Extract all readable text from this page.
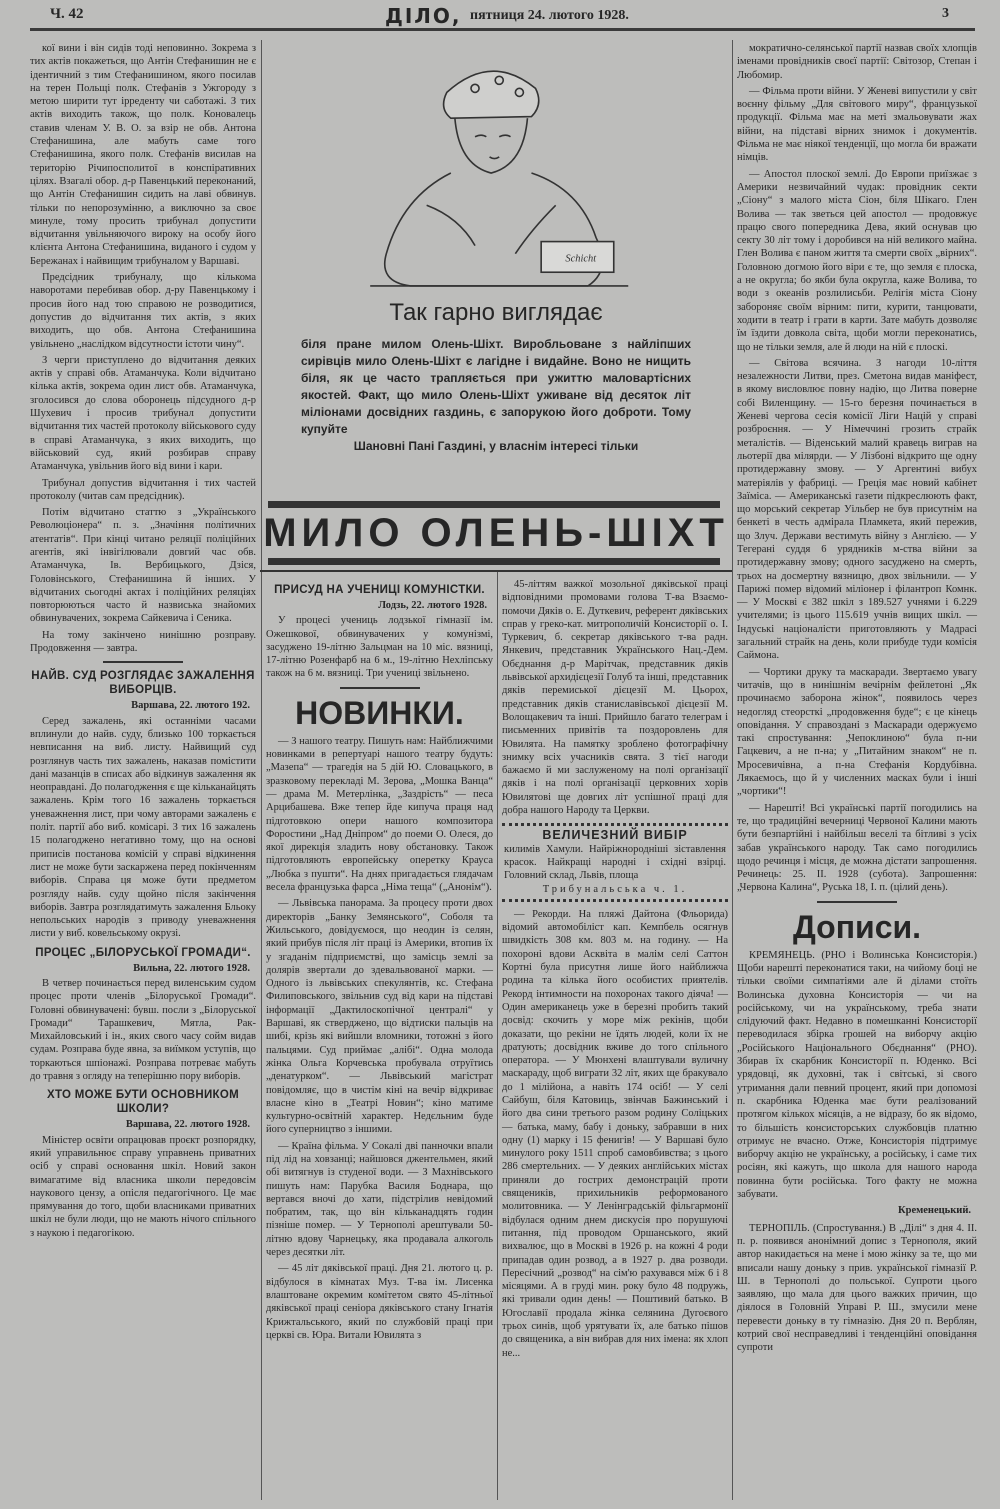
Ч. 42	ДІЛО, пятниця 24. лютого 1928.	3
Schicht
Так гарно виглядає
біля пране милом Олень-Шіхт. Виробльоване з найліпших сирівців мило Олень-Шіхт є лагідне і видайне. Воно не нищить біля, як це часто трапляється при ужиттю маловартісних якостей. Факт, що мило Олень-Шіхт уживане від десяток літ міліонами досвідних газдинь, є запорукою його доброти. Тому купуйте
Шановні Пані Газдині, у власнім інтересі тільки
МИЛО ОЛЕНЬ-ШІХТ

кої вини і він сидів тоді неповинно. Зокрема з тих актів покажеться, що Антін Стефанишин не є ідентичний з тим Стефанишином, якого посилав на терен Польщі полк. Стефанів з Ужгороду з метою ширити тут ірреденту чи саботажі. З тих актів виходить також, що полк. Коновалець ставив членам У. В. О. за взір не обв. Антона Стефанишина, але мабуть саме того Стефанишина, якого полк. Стефанів висилав на територію Річипосполитої в конспіративних цілях. Взагалі обор. д-р Павенцький переконаний, що Антін Стефанишин сидить на лаві обвинув. тільки по непорозумінню, а виключно за своє минуле, тому просить трибунал допустити відчитання увільняючого вироку на особу його клієнта Антона Стефанишина, виданого і судом у Бережанах і найвищим трибуналом у Варшаві.

Предсідник трибуналу, що кількома наворотами перебивав обор. д-ру Павенцькому і просив його над тою справою не розводитися, допустив до відчитання тих актів, з яких виходить, що обв. Антона Стефанишина увільнено „наслідком відсутности істоти чину“.

З черги приступлено до відчитання деяких актів у справі обв. Атаманчука. Коли відчитано кілька актів, зокрема один лист обв. Атаманчука, зголосився до слова оборонець підсудного д-р Шухевич і просив трибунал допустити відчитання тих частей протоколу військового суду в справі Атаманчука, з яких виходить, що військовий суд, який розбирав справу Атаманчука, увільнив його від вини і кари.

Трибунал допустив відчитання і тих частей протоколу (читав сам предсідник).

Потім відчитано статтю з „Українського Революціонера“ п. з. „Значіння політичних атентатів“. При кінці читано реляції поліційних агентів, які інвігілювали довгий час обв. Атаманчука, Ів. Вербицького, Дзіся, Головінського, Стефанишина й інших. У відчитаних сьогодні актах і поліційних реляціях повторюються часто й назвиська знайомих обвинувачених, зокрема Сайкевича і Сеника.

На тому закінчено нинішню розправу. Продовження — завтра.

НАЙВ. СУД РОЗГЛЯДАЄ ЗАЖАЛЕННЯ ВИБОРЦІВ.
Варшава, 22. лютого 192.

Серед зажалень, які останніми часами вплинули до найв. суду, близько 100 торкається невписання на виб. листу. Найвищий суд розглянув часть тих зажалень, наказав помістити дані мазанців в списах або відкинув зажалення як неоправдані. До полагодження є ще кільканайцять зажалень. Крім того 16 зажалень торкається уневажнення лист, при чому авторами зажалень є політ. партії або виб. комісарі. З тих 16 зажалень 15 полагоджено негативно тому, що на основі приписів постанова комісій у справі відкинення лист не може бути заскаржена перед покінченням виборів. Справа ця може бути предметом розгляду найв. суду щойно після закінчення виборів. Завтра розглядатимуть зажалення Бльоку непольських народів з приводу уневажнення листи у виб. ковельському окрузі.

ПРОЦЕС „БІЛОРУСЬКОЇ ГРОМАДИ“.
Вильна, 22. лютого 1928.

В четвер починається перед виленським судом процес проти членів „Білоруської Громади“. Головні обвинувачені: бувш. посли з „Білоруської Громади“ Тарашкевич, Мятла, Рак-Михайловський і ін., яких свого часу сойм видав судам. Розправа буде явна, за виїмком уступів, що торкаються шпіонажі. Розправа потреває мабуть до травня з огляду на теперішню пору виборів.

ХТО МОЖЕ БУТИ ОСНОВНИКОМ ШКОЛИ?
Варшава, 22. лютого 1928.

Міністер освіти опрацював проєкт розпорядку, який управильнює справу управнень приватних осіб у справі основання шкіл. Новий закон вимагатиме від власника школи передовсім наукового цензу, а опісля педагогічного. Це має прямування до того, щоби власниками приватних шкіл не були люди, що не мають нічого спільного з наукою і педагогікою.

ПРИСУД НА УЧЕНИЦІ КОМУНІСТКИ.
Лодзь, 22. лютого 1928.

У процесі учениць лодзької гімназії ім. Ожешкової, обвинувачених у комунізмі, засуджено 19-літню Зальцман на 10 міс. вязниці, 17-літню Розенфарб на 6 м., 19-літню Нехліпську також на 6 м. вязниці. Три учениці звільнено.

НОВИНКИ.

— З нашого театру. Пишуть нам: Найближчими новинками в репертуарі нашого театру будуть: „Мазепа“ — трагедія на 5 дій Ю. Словацького, в зразковому перекладі М. Зерова, „Мошка Ванца“ — драма М. Метерлінка, „Заздрість“ — песа Арцибашева. Вже тепер йде кипуча праця над підготовкою опери нашого композитора Форостини „Над Дніпром“ до поеми О. Олеся, до якої дирекція зладить нову обстановку. Також підготовляють европейську оперетку Крауса „Любка з пушти“. На днях пригадається глядачам весела французька фарса „Німа теща“ („Анонім“).

— Львівська панорама. За процесу проти двох директорів „Банку Земянського“, Соболя та Жильського, довідуємося, що неодин із селян, який прибув після літ праці із Америки, втопив їх у згаданім підприємстві, що замісць землі за долярів звертали до здевальвованої марки. — Одного із львівських спекулянтів, кс. Стефана Филиповського, звільнив суд від кари на підставі інформації „Дактилоскопічної централі“ у Варшаві, як стверджено, що відтиски пальців на шибі, крізь які вийшли вломники, тотожні з його пальцями. Суд приймає „алібі“. Одна молода жінка Ольга Корчевська пробувала отруїтись „денатурком“. — Львівський магістрат повідомляє, що в чистім кіні на вечір відкриває власне кіно в „Театрі Новин“; кіно матиме культурно-освітній характер. Недєльним буде його суперництво з іншими.

— Країна фільма. У Сокалі дві панночки впали під лід на ховзанці; найшовся джентельмен, який обі витягнув із студеної води. — З Махнівського пишуть нам: Парубка Василя Боднара, що вертався вночі до хати, підстрілив невідомий побратим, так, що він кільканадцять годин пізніше помер. — У Тернополі арештували 50-літню вдову Чарнецьку, яка продавала алкоголь через десятки літ.

— 45 літ дяківської праці. Дня 21. лютого ц. р. відбулося в кімнатах Муз. Т-ва ім. Лисенка влаштоване окремим комітетом свято 45-літньої дяківської праці сеніора дяківського стану Ігнатія Крижтальського, який по службовій праці при церкві св. Юра. Витали Ювилята з

45-літтям важкої мозольної дяківської праці відповідними промовами голова Т-ва Взаємо-помочи Дяків о. Е. Дуткевич, референт дяківських справ у греко-кат. митрополичій Консисторії о. І. Туркевич, б. секретар дяківського т-ва радн. Янкевич, представник Українського Нац.-Дем. Обєднання д-р Марітчак, представник дяків львівської архидієцезії Голуб та інші, представник дяків перемиської дієцезії М. Цьорох, представник дяків станиславівської дієцезії М. Волощакевич та інші. Прийшло багато телеграм і письменних привітів та поздоровлень для Ювилята. На памятку зроблено фотографічну знимку всіх учасників свята. З тієї нагоди бажаємо й ми заслуженому на полі організації дяків і на полі організації церковних хорів Ювилятові ще довгих літ успішної праці для добра нашого Народу та Церкви.

ВЕЛИЧЕЗНИЙ ВИБІР
килимів Хамули. Найріжнородніші зіставлення красок. Найкращі народні і східні взірці. Головний склад, Львів, площа
Трибунальська ч. 1.

— Рекорди. На пляжі Дайтона (Фльорида) відомий автомобіліст кап. Кемпбель осягнув швидкість 308 км. 803 м. на годину. — На похороні вдови Асквіта в малім селі Саттон Кортні була присутня лише його найближча родина та кілька його особистих приятелів. Рекорд інтимности на похоронах такого діяча! — Один американець уже в березні пробить такий досвід: скочить у море між рекінів, щоби доказати, що рекіни не їдять людей, коли їх не дратують; досвідник вживе до того спільного оператора. — У Мюнхені влаштували вуличну маскараду, щоб виграти 32 літ, яких ще бракувало до 1 мілійона, а навіть 174 осіб! — У селі Сайбуш, біля Катовиць, звінчав Бажинський і його два сини третього разом родину Соліцьких — батька, маму, бабу і доньку, забравши в них одну (1) марку і 15 фенигів! — У Варшаві було минулого року 1511 спроб самовбивства; з цього 286 смертельних. — У деяких англійських містах приняли до гострих демонстрацій проти священиків, прихильників реформованого молитовника. — У Ленінградській фільгармонії відбулася одним днем дискусія про порушуючі питання, під проводом Оршанського, який вихвалює, що в Москві в 1926 р. на кожні 4 роди припадав один розвод, а в 1927 р. два розводи. Пересічний „розвод“ на сім'ю рахувався між 6 і 8 місяцями. А в груді мин. року було 48 подружь, які тривали один день! — Поштивий батько. В Югославії продала жінка селянина Дугоєвого трьох синів, щоб урятувати їх, але батько пішов до священика, а він вибрав для них імена: як хлоп не...

мократично-селянської партії назвав своїх хлопців іменами провідників своєї партії: Світозор, Степан і Любомир.

— Фільма проти війни. У Женеві випустили у світ воєнну фільму „Для світового миру“, французької продукції. Фільма має на меті змальовувати жах війни, на підставі вірних знимок і документів. Фільма не має ніякої тенденції, що могла би вражати німців.

— Апостол плоскої землі. До Европи приїзжає з Америки незвичайний чудак: провідник секти „Сіону“ з малого міста Сіон, біля Шікаго. Глен Волива — так зветься цей апостол — продовжує працю свого попередника Дева, який оснував цю секту 30 літ тому і доробився на ній великого майна. Глен Волива є паном життя та смерти своїх „вірних“. Головною догмою його віри є те, що земля є плоска, а не округла; бо якби була округла, каже Волива, то води з океанів розлилисьби. Релігія міста Сіону забороняє своїм вірним: пити, курити, танцювати, ходити в театр і грати в карти. Зате мабуть дозволяє їм їздити довкола світа, щоби могли переконатись, що не тільки земля, але й люди на ній є плоскі.

— Світова всячина. З нагоди 10-ліття незалежности Литви, през. Сметона видав маніфест, в якому висловлює повну надію, що Литва поверне собі Виленщину. — 15-го березня починається в Женеві чергова сесія комісії Ліги Націй у справі розброєння. — У Німеччині грозить страйк металістів. — Віденський малий кравець виграв на льотерії два мілярди. — У Лізбоні відкрито ще одну протидержавну змову. — У Аргентині вибух матеріялів у фабриці. — Греція має новий кабінет Заїміса. — Американські газети підкреслюють факт, що морський секретар Уільбер не був присутнім на бенкеті в честь адмірала Пламкета, який пережив, що Злуч. Держави вестимуть війну з Англією. — У Тегерані суддя 6 урядників м-ства війни за протидержавну змову; одного засуджено на смерть, трьох на досмертну вязницю, двох звільнили. — У Парижі помер відомий міліонер і філантроп Комнк. — У Москві є 382 шкіл з 189.527 учнями і 6.229 учителями; із цього 115.619 учнів вищих шкіл. — Індуські націоналісти приготовляють у Мадрасі загальний страйк на день, коли прибуде туди комісія Саймона.

— Чортики друку та маскаради. Звертаємо увагу читачів, що в нинішнім вечірнім фейлетоні „Як прочинаємо заборона жінок“, появилось через недогляд стеорсткі „продовження буде“; є це кінець оповідання. У справоздані з Маскаради одержуємо такі спростування: „Чепоклиною“ була п-ни Гацкевич, а не п-на; у „Питайним знаком“ не п. Мросевичівна, а п-на Стефанія Кордубівна. Лякаємось, що й у численних масках були і інші „чортики“!

— Нарешті! Всі українські партії погодились на те, що традиційні вечерниці Червоної Калини мають бути безпартійні і найбільш веселі та бітливі з усіх забав українського народу. Так само погодились щодо речинця і місця, де можна дістати запрошення. Речинець: 25. ІІ. 1928 (субота). Запрошення: „Червона Калина“, Руська 18, І. п. (цілий день).

Дописи.

КРЕМЯНЕЦЬ. (РНО і Волинська Консисторія.) Щоби нарешті переконатися таки, на чийому боці не тільки своїми симпатіями але й ділами стоїть Волинська духовна Консисторія — чи на російському, чи на українському, треба знати слідуючий факт. Недавно в помешканні Консисторії переводилася збірка грошей на виборчу акцію „Російського Національного Обєднання“ (РНО). Збирав їх скарбник Консисторії п. Юденко. Всі урядовці, як духовні, так і світські, зі свого утримання дали певний процент, який при допомозі п. скарбника Юденка має бути реалізований протягом кількох місяців, а не відразу, бо як відомо, то більшість консисторських службовців платню отримує не вчасно. Отже, Консисторія підтримує виборчу акцію не українську, а російську, і саме тих росіян, які кажуть, що школа для нашого народа повинна бути російська. Того факту не можна забувати.

Кременецький.

ТЕРНОПІЛЬ. (Спростування.) В „Ділі“ з дня 4. II. п. р. появився анонімний допис з Тернополя, який автор накидається на мене і мою жінку за те, що ми вписали нашу доньку з прив. української гімназії Р. Ш. в Тернополі до польської. Супроти цього заявляю, що мала для цього важких причин, що діялося в Головній Управі Р. Ш., змусили мене перевести доньку в ту гімназію. Дня 20 п. Верблян, котрий свої несправедливі і тенденційні оповідання супроти
